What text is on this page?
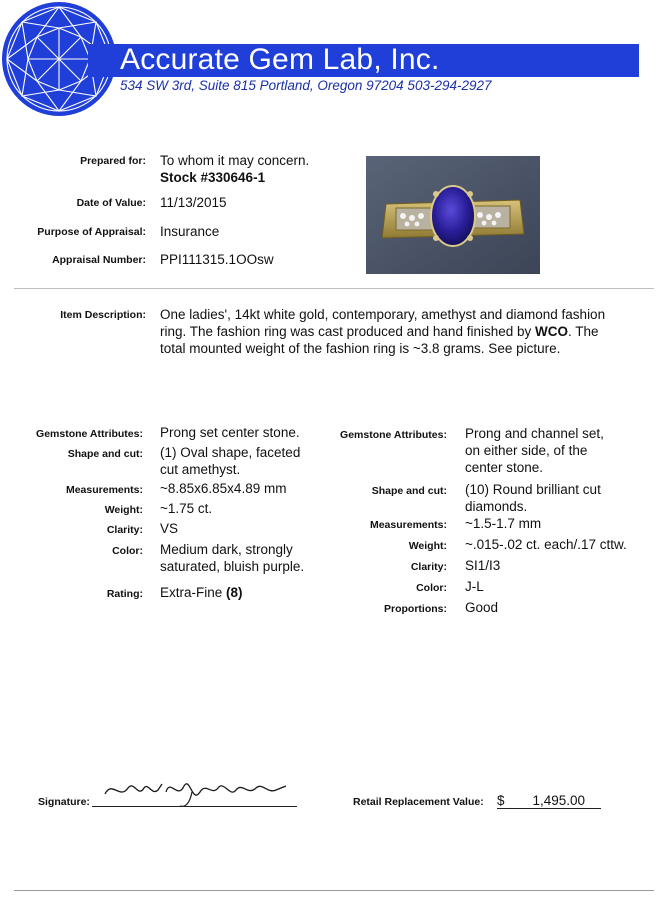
Accurate Gem Lab, Inc.
534 SW 3rd, Suite 815 Portland, Oregon 97204 503-294-2927
Prepared for: To whom it may concern.
Stock #330646-1
Date of Value: 11/13/2015
Purpose of Appraisal: Insurance
Appraisal Number: PPI111315.1OOsw
Item Description: One ladies', 14kt white gold, contemporary, amethyst and diamond fashion ring. The fashion ring was cast produced and hand finished by WCO. The total mounted weight of the fashion ring is ~3.8 grams. See picture.
Gemstone Attributes: Prong set center stone.
Shape and cut: (1) Oval shape, faceted
cut amethyst.
Measurements: ~8.85x6.85x4.89 mm
Weight: ~1.75 ct.
Clarity: VS
Color: Medium dark, strongly
saturated, bluish purple.
Rating: Extra-Fine (8)
Gemstone Attributes: Prong and channel set,
on either side, of the
center stone.
Shape and cut: (10) Round brilliant cut
diamonds.
Measurements: ~1.5-1.7 mm
Weight: ~.015-.02 ct. each/.17 cttw.
Clarity: SI1/I3
Color: J-L
Proportions: Good
Signature:	Retail Replacement Value: $ 1,495.00
